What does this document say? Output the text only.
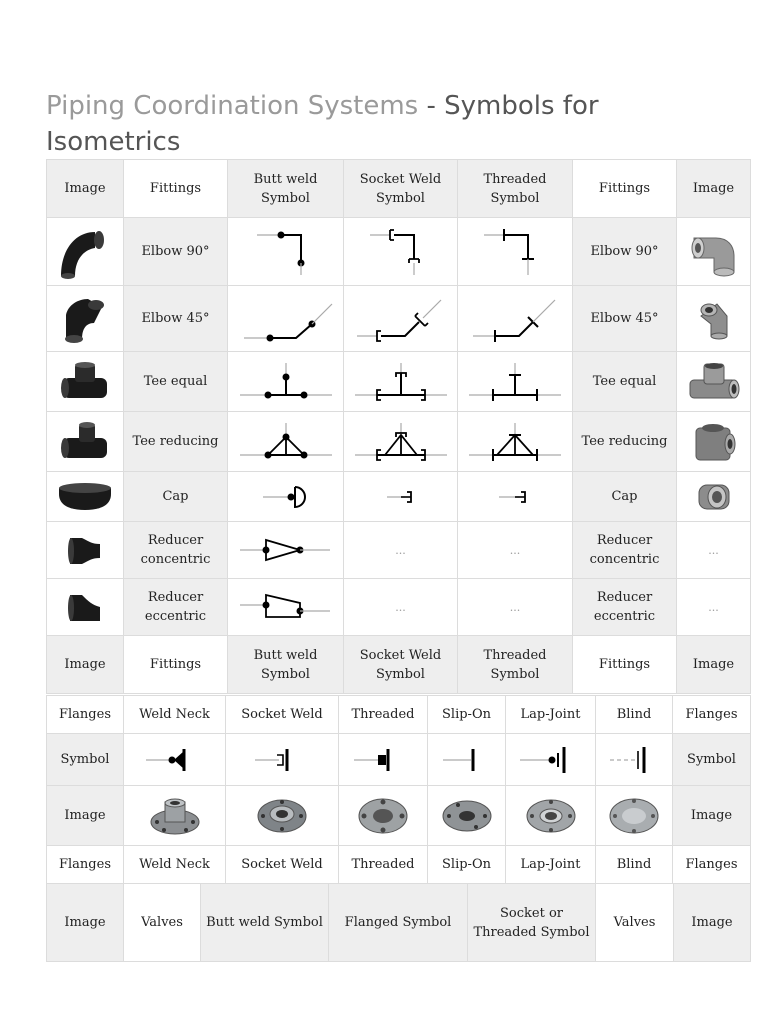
Piping Coordination Systems - Symbols for
Isometrics
Image	Fittings	Butt weld Symbol	Socket Weld Symbol	Threaded Symbol	Fittings	Image

	Elbow 90°				Elbow 90°	

	Elbow 45°				Elbow 45°	

	Tee equal				Tee equal	

	Tee reducing				Tee reducing	

	Cap				Cap	

	Reducer concentric		...	...	Reducer concentric	...

	Reducer eccentric		...	...	Reducer eccentric	...
Image	Fittings	Butt weld Symbol	Socket Weld Symbol	Threaded Symbol	Fittings	Image
Flanges	Weld Neck	Socket Weld	Threaded	Slip-On	Lap-Joint	Blind	Flanges
Symbol							Symbol
Image							Image
Flanges	Weld Neck	Socket Weld	Threaded	Slip-On	Lap-Joint	Blind	Flanges
Image	Valves	Butt weld Symbol	Flanged Symbol	Socket or Threaded Symbol	Valves	Image
